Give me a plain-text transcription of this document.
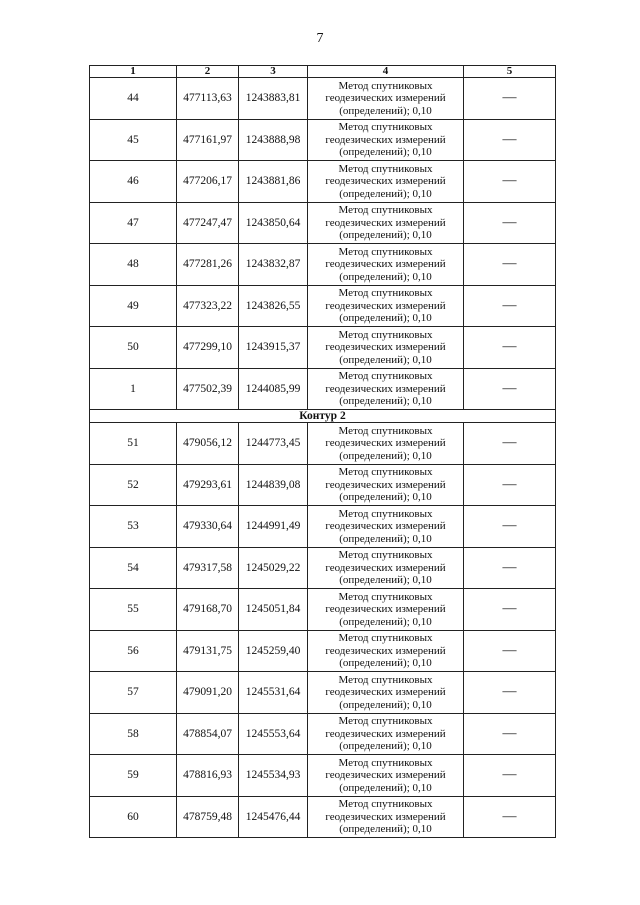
7
1	2	3	4	5
44	477113,63	1243883,81	Метод спутниковых
геодезических измерений
(определений); 0,10	—
45	477161,97	1243888,98	Метод спутниковых
геодезических измерений
(определений); 0,10	—
46	477206,17	1243881,86	Метод спутниковых
геодезических измерений
(определений); 0,10	—
47	477247,47	1243850,64	Метод спутниковых
геодезических измерений
(определений); 0,10	—
48	477281,26	1243832,87	Метод спутниковых
геодезических измерений
(определений); 0,10	—
49	477323,22	1243826,55	Метод спутниковых
геодезических измерений
(определений); 0,10	—
50	477299,10	1243915,37	Метод спутниковых
геодезических измерений
(определений); 0,10	—
1	477502,39	1244085,99	Метод спутниковых
геодезических измерений
(определений); 0,10	—
Контур 2				
51	479056,12	1244773,45	Метод спутниковых
геодезических измерений
(определений); 0,10	—
52	479293,61	1244839,08	Метод спутниковых
геодезических измерений
(определений); 0,10	—
53	479330,64	1244991,49	Метод спутниковых
геодезических измерений
(определений); 0,10	—
54	479317,58	1245029,22	Метод спутниковых
геодезических измерений
(определений); 0,10	—
55	479168,70	1245051,84	Метод спутниковых
геодезических измерений
(определений); 0,10	—
56	479131,75	1245259,40	Метод спутниковых
геодезических измерений
(определений); 0,10	—
57	479091,20	1245531,64	Метод спутниковых
геодезических измерений
(определений); 0,10	—
58	478854,07	1245553,64	Метод спутниковых
геодезических измерений
(определений); 0,10	—
59	478816,93	1245534,93	Метод спутниковых
геодезических измерений
(определений); 0,10	—
60	478759,48	1245476,44	Метод спутниковых
геодезических измерений
(определений); 0,10	—
